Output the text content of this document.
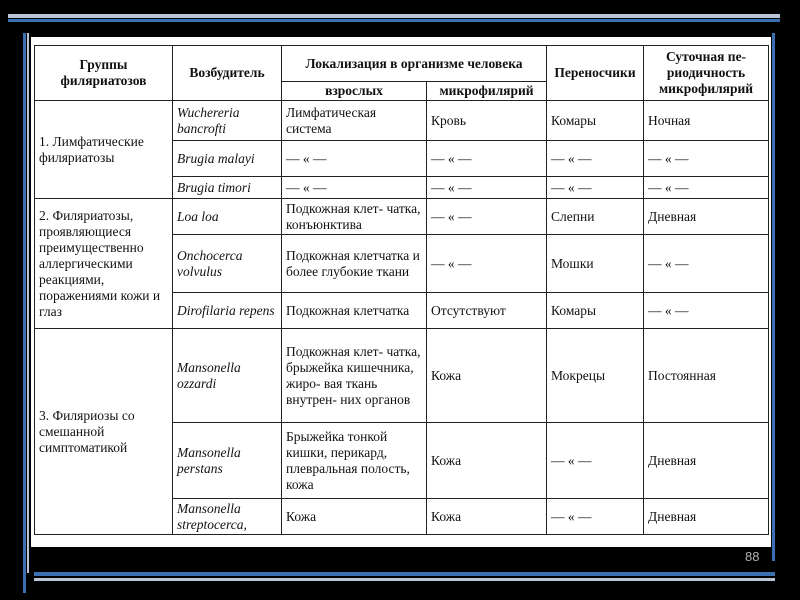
Группы филяриатозов	Возбудитель	Локализация в организме человека		Переносчики	Суточная пе- риодичность микрофилярий
		взрослых	микрофилярий		
1. Лимфатические филяриатозы	Wuchereria bancrofti	Лимфатическая система	Кровь	Комары	Ночная
	Brugia malayi	— « —	— « —	— « —	— « —
	Brugia timori	— « —	— « —	— « —	— « —
2. Филяриатозы, проявляющиеся преимущественно аллергическими реакциями, поражениями кожи и глаз	Loa loa	Подкожная клет- чатка, конъюнктива	— « —	Слепни	Дневная
	Onchocerca volvulus	Подкожная клетчатка и более глубокие ткани	— « —	Мошки	— « —
	Dirofilaria repens	Подкожная клетчатка	Отсутствуют	Комары	— « —
3. Филяриозы со смешанной симптоматикой	Mansonella ozzardi	Подкожная клет- чатка, брыжейка кишечника, жиро- вая ткань внутрен- них органов	Кожа	Мокрецы	Постоянная
	Mansonella perstans	Брыжейка тонкой кишки, перикард, плевральная полость, кожа	Кожа	— « —	Дневная
	Mansonella streptocerca,	Кожа	Кожа	— « —	Дневная
88
